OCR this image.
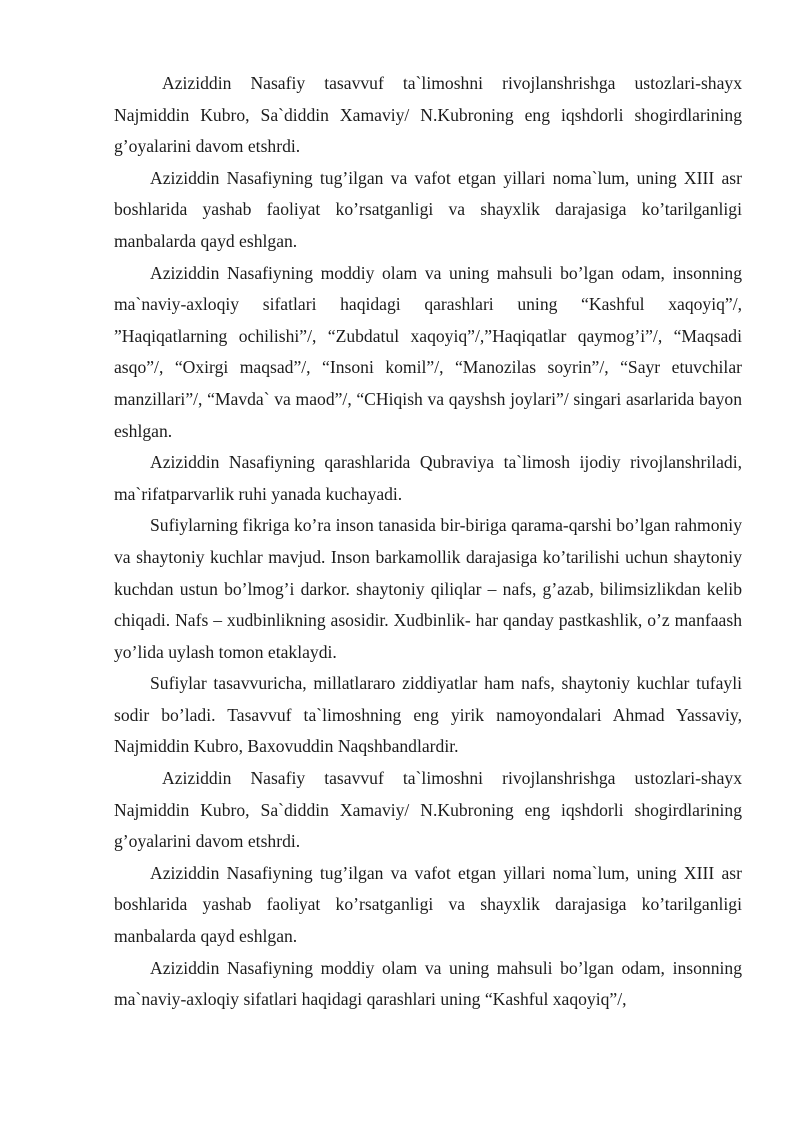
Aziziddin Nasafiy tasavvuf ta`limoshni rivojlanshrishga ustozlari-shayx Najmiddin Kubro, Sa`diddin Xamaviy/ N.Kubroning eng iqshdorli shogirdlarining g’oyalarini davom etshrdi.

Aziziddin Nasafiyning tug’ilgan va vafot etgan yillari noma`lum, uning XIII asr boshlarida yashab faoliyat ko’rsatganligi va shayxlik darajasiga ko’tarilganligi manbalarda qayd eshlgan.

Aziziddin Nasafiyning moddiy olam va uning mahsuli bo’lgan odam, insonning ma`naviy-axloqiy sifatlari haqidagi qarashlari uning “Kashful xaqoyiq”/, ”Haqiqatlarning ochilishi”/, “Zubdatul xaqoyiq”/,”Haqiqatlar qaymog’i”/, “Maqsadi asqo”/, “Oxirgi maqsad”/, “Insoni komil”/, “Manozilas soyrin”/, “Sayr etuvchilar manzillari”/, “Mavda` va maod”/, “CHiqish va qayshsh joylari”/ singari asarlarida bayon eshlgan.

Aziziddin Nasafiyning qarashlarida Qubraviya ta`limosh ijodiy rivojlanshriladi, ma`rifatparvarlik ruhi yanada kuchayadi.

Sufiylarning fikriga ko’ra inson tanasida bir-biriga qarama-qarshi bo’lgan rahmoniy va shaytoniy kuchlar mavjud. Inson barkamollik darajasiga ko’tarilishi uchun shaytoniy kuchdan ustun bo’lmog’i darkor. shaytoniy qiliqlar – nafs, g’azab, bilimsizlikdan kelib chiqadi. Nafs – xudbinlikning asosidir. Xudbinlik- har qanday pastkashlik, o’z manfaash yo’lida uylash tomon etaklaydi.

Sufiylar tasavvuricha, millatlararo ziddiyatlar ham nafs, shaytoniy kuchlar tufayli sodir bo’ladi. Tasavvuf ta`limoshning eng yirik namoyondalari Ahmad Yassaviy, Najmiddin Kubro, Baxovuddin Naqshbandlardir.

Aziziddin Nasafiy tasavvuf ta`limoshni rivojlanshrishga ustozlari-shayx Najmiddin Kubro, Sa`diddin Xamaviy/ N.Kubroning eng iqshdorli shogirdlarining g’oyalarini davom etshrdi.

Aziziddin Nasafiyning tug’ilgan va vafot etgan yillari noma`lum, uning XIII asr boshlarida yashab faoliyat ko’rsatganligi va shayxlik darajasiga ko’tarilganligi manbalarda qayd eshlgan.

Aziziddin Nasafiyning moddiy olam va uning mahsuli bo’lgan odam, insonning ma`naviy-axloqiy sifatlari haqidagi qarashlari uning “Kashful xaqoyiq”/,
